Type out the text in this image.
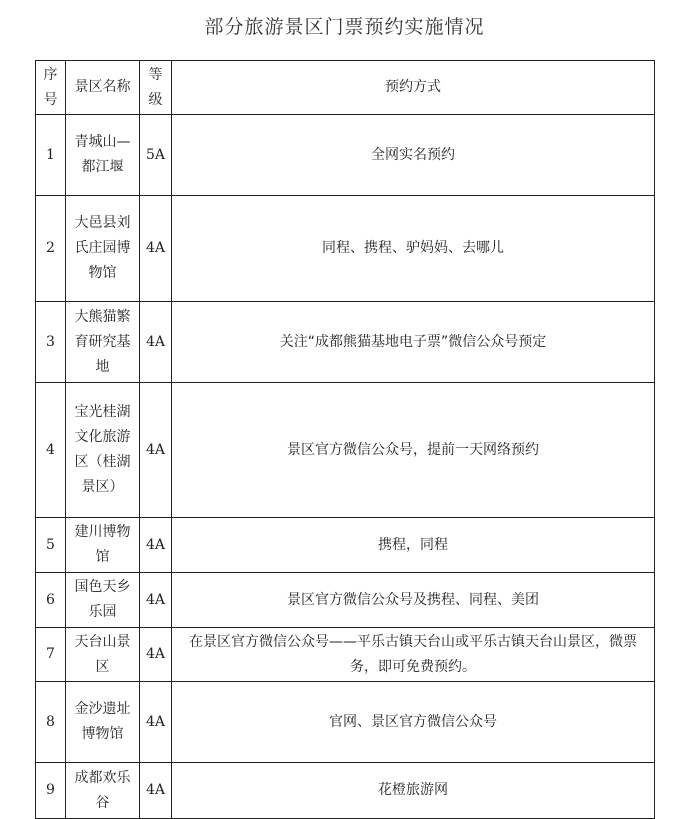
部分旅游景区门票预约实施情况
序号	景区名称	等级	预约方式
1	青城山—都江堰	5A	全网实名预约
2	大邑县刘氏庄园博物馆	4A	同程、携程、驴妈妈、去哪儿
3	大熊猫繁育研究基地	4A	关注“成都熊猫基地电子票”微信公众号预定
4	宝光桂湖文化旅游区（桂湖景区）	4A	景区官方微信公众号，提前一天网络预约
5	建川博物馆	4A	携程，同程
6	国色天乡乐园	4A	景区官方微信公众号及携程、同程、美团
7	天台山景区	4A	在景区官方微信公众号——平乐古镇天台山或平乐古镇天台山景区，微票务，即可免费预约。
8	金沙遗址博物馆	4A	官网、景区官方微信公众号
9	成都欢乐谷	4A	花橙旅游网
